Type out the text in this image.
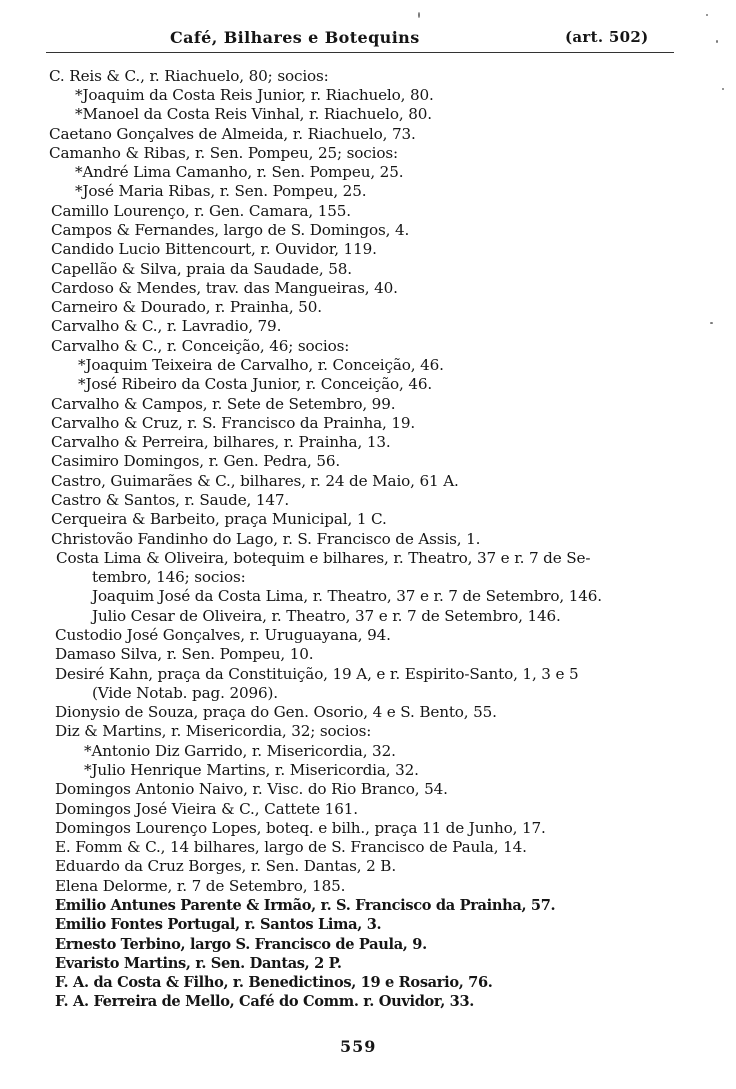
Café, Bilhares e Botequins	(art. 502)
C. Reis & C., r. Riachuelo, 80; socios:
*Joaquim da Costa Reis Junior, r. Riachuelo, 80.
*Manoel da Costa Reis Vinhal, r. Riachuelo, 80.
Caetano Gonçalves de Almeida, r. Riachuelo, 73.
Camanho & Ribas, r. Sen. Pompeu, 25; socios:
*André Lima Camanho, r. Sen. Pompeu, 25.
*José Maria Ribas, r. Sen. Pompeu, 25.
Camillo Lourenço, r. Gen. Camara, 155.
Campos & Fernandes, largo de S. Domingos, 4.
Candido Lucio Bittencourt, r. Ouvidor, 119.
Capellão & Silva, praia da Saudade, 58.
Cardoso & Mendes, trav. das Mangueiras, 40.
Carneiro & Dourado, r. Prainha, 50.
Carvalho & C., r. Lavradio, 79.
Carvalho & C., r. Conceição, 46; socios:
*Joaquim Teixeira de Carvalho, r. Conceição, 46.
*José Ribeiro da Costa Junior, r. Conceição, 46.
Carvalho & Campos, r. Sete de Setembro, 99.
Carvalho & Cruz, r. S. Francisco da Prainha, 19.
Carvalho & Perreira, bilhares, r. Prainha, 13.
Casimiro Domingos, r. Gen. Pedra, 56.
Castro, Guimarães & C., bilhares, r. 24 de Maio, 61 A.
Castro & Santos, r. Saude, 147.
Cerqueira & Barbeito, praça Municipal, 1 C.
Christovão Fandinho do Lago, r. S. Francisco de Assis, 1.
Costa Lima & Oliveira, botequim e bilhares, r. Theatro, 37 e r. 7 de Se-
tembro, 146; socios:
Joaquim José da Costa Lima, r. Theatro, 37 e r. 7 de Setembro, 146.
Julio Cesar de Oliveira, r. Theatro, 37 e r. 7 de Setembro, 146.
Custodio José Gonçalves, r. Uruguayana, 94.
Damaso Silva, r. Sen. Pompeu, 10.
Desiré Kahn, praça da Constituição, 19 A, e r. Espirito-Santo, 1, 3 e 5
(Vide Notab. pag. 2096).
Dionysio de Souza, praça do Gen. Osorio, 4 e S. Bento, 55.
Diz & Martins, r. Misericordia, 32; socios:
*Antonio Diz Garrido, r. Misericordia, 32.
*Julio Henrique Martins, r. Misericordia, 32.
Domingos Antonio Naivo, r. Visc. do Rio Branco, 54.
Domingos José Vieira & C., Cattete 161.
Domingos Lourenço Lopes, boteq. e bilh., praça 11 de Junho, 17.
E. Fomm & C., 14 bilhares, largo de S. Francisco de Paula, 14.
Eduardo da Cruz Borges, r. Sen. Dantas, 2 B.
Elena Delorme, r. 7 de Setembro, 185.
Emilio Antunes Parente & Irmão, r. S. Francisco da Prainha, 57.
Emilio Fontes Portugal, r. Santos Lima, 3.
Ernesto Terbino, largo S. Francisco de Paula, 9.
Evaristo Martins, r. Sen. Dantas, 2 P.
F. A. da Costa & Filho, r. Benedictinos, 19 e Rosario, 76.
F. A. Ferreira de Mello, Café do Comm. r. Ouvidor, 33.
559
